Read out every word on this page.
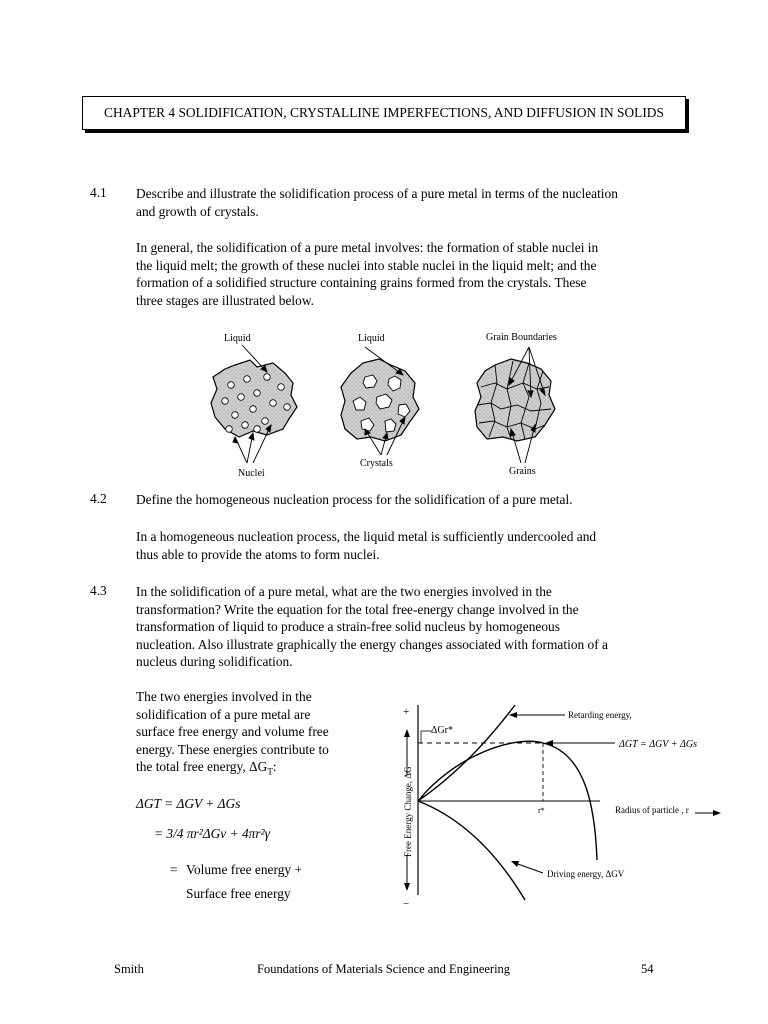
CHAPTER 4 SOLIDIFICATION, CRYSTALLINE IMPERFECTIONS, AND DIFFUSION IN SOLIDS
4.1 Describe and illustrate the solidification process of a pure metal in terms of the nucleation
and growth of crystals.
In general, the solidification of a pure metal involves: the formation of stable nuclei in
the liquid melt; the growth of these nuclei into stable nuclei in the liquid melt; and the
formation of a solidified structure containing grains formed from the crystals. These
three stages are illustrated below.
Liquid	Liquid	Grain Boundaries
Nuclei
Crystals
Grains
4.2 Define the homogeneous nucleation process for the solidification of a pure metal.
In a homogeneous nucleation process, the liquid metal is sufficiently undercooled and
thus able to provide the atoms to form nuclei.
4.3 In the solidification of a pure metal, what are the two energies involved in the
transformation? Write the equation for the total free-energy change involved in the
transformation of liquid to produce a strain-free solid nucleus by homogeneous
nucleation. Also illustrate graphically the energy changes associated with formation of a
nucleus during solidification.
The two energies involved in the
solidification of a pure metal are
surface free energy and volume free
energy. These energies contribute to
the total free energy, $\Delta G_T$:
ΔGT = ΔGV + ΔGs
= 3/4 πr²ΔGv + 4πr²γ
= Volume free energy +
Surface free energy
+
−
Free Energy Change, ΔG
ΔGr*
Retarding energy,
ΔGT = ΔGV + ΔGs
r*	Radius of particle , r
Driving energy, ΔGV
Smith	Foundations of Materials Science and Engineering	54
